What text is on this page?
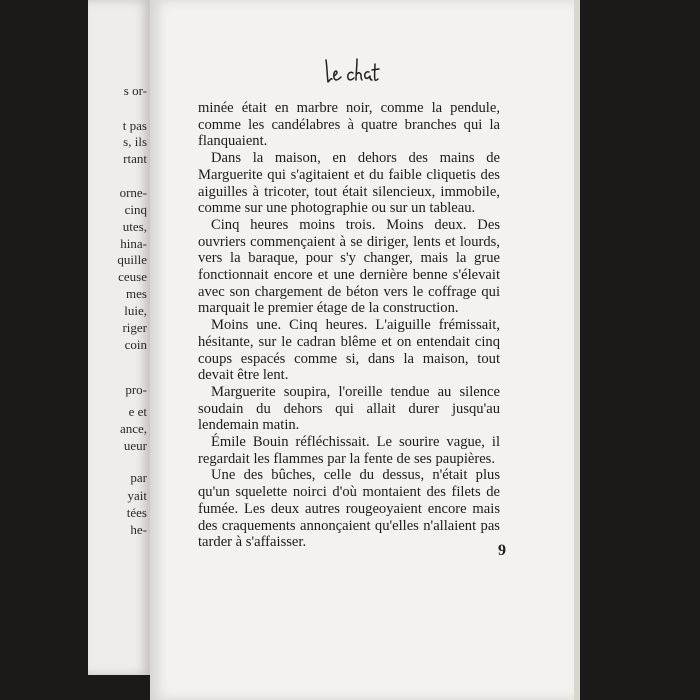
s or-
t pas
s, ils
rtant
orne-
cinq
utes,
hina-
quille
ceuse
mes
luie,
riger
coin
pro-
e et
ance,
ueur
par
yait
tées
he-

minée était en marbre noir, comme la pendule, comme les candélabres à quatre branches qui la flanquaient.

Dans la maison, en dehors des mains de Marguerite qui s'agitaient et du faible cliquetis des aiguilles à tricoter, tout était silencieux, immobile, comme sur une photographie ou sur un tableau.

Cinq heures moins trois. Moins deux. Des ouvriers commençaient à se diriger, lents et lourds, vers la baraque, pour s'y changer, mais la grue fonctionnait encore et une dernière benne s'élevait avec son chargement de béton vers le coffrage qui marquait le premier étage de la construction.

Moins une. Cinq heures. L'aiguille frémissait, hésitante, sur le cadran blême et on entendait cinq coups espacés comme si, dans la maison, tout devait être lent.

Marguerite soupira, l'oreille tendue au silence soudain du dehors qui allait durer jusqu'au lendemain matin.

Émile Bouin réfléchissait. Le sourire vague, il regardait les flammes par la fente de ses paupières.

Une des bûches, celle du dessus, n'était plus qu'un squelette noirci d'où montaient des filets de fumée. Les deux autres rougeoyaient encore mais des craquements annonçaient qu'elles n'allaient pas tarder à s'affaisser.	9
